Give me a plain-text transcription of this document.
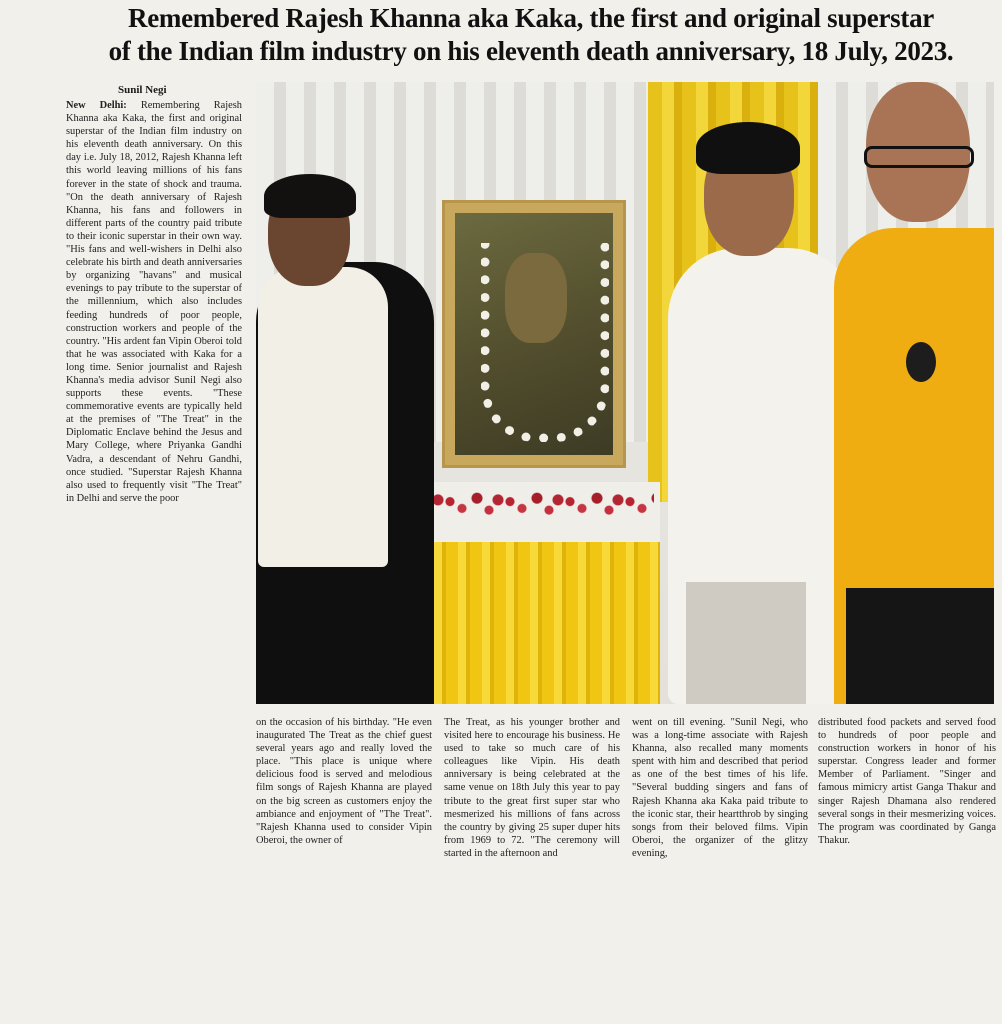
Remembered Rajesh Khanna aka Kaka, the first and original superstar
of the Indian film industry on his eleventh death anniversary, 18 July, 2023.
Sunil Negi
New Delhi: Remembering Rajesh Khanna aka Kaka, the first and original superstar of the Indian film industry on his eleventh death anniversary. On this day i.e. July 18, 2012, Rajesh Khanna left this world leaving millions of his fans forever in the state of shock and trauma. "On the death anniversary of Rajesh Khanna, his fans and followers in different parts of the country paid tribute to their iconic superstar in their own way. "His fans and well-wishers in Delhi also celebrate his birth and death anniversaries by organizing "havans" and musical evenings to pay tribute to the superstar of the millennium, which also includes feeding hundreds of poor people, construction workers and people of the country. "His ardent fan Vipin Oberoi told that he was associated with Kaka for a long time. Senior journalist and Rajesh Khanna's media advisor Sunil Negi also supports these events. "These commemorative events are typically held at the premises of "The Treat" in the Diplomatic Enclave behind the Jesus and Mary College, where Priyanka Gandhi Vadra, a descendant of Nehru Gandhi, once studied. "Superstar Rajesh Khanna also used to frequently visit "The Treat" in Delhi and serve the poor
on the occasion of his birthday. "He even inaugurated The Treat as the chief guest several years ago and really loved the place. "This place is unique where delicious food is served and melodious film songs of Rajesh Khanna are played on the big screen as customers enjoy the ambiance and enjoyment of "The Treat". "Rajesh Khanna used to consider Vipin Oberoi, the owner of
The Treat, as his younger brother and visited here to encourage his business. He used to take so much care of his colleagues like Vipin. His death anniversary is being celebrated at the same venue on 18th July this year to pay tribute to the great first super star who mesmerized his millions of fans across the country by giving 25 super duper hits from 1969 to 72. "The ceremony will started in the afternoon and
went on till evening. "Sunil Negi, who was a long-time associate with Rajesh Khanna, also recalled many moments spent with him and described that period as one of the best times of his life. "Several budding singers and fans of Rajesh Khanna aka Kaka paid tribute to the iconic star, their heartthrob by singing songs from their beloved films. Vipin Oberoi, the organizer of the glitzy evening,
distributed food packets and served food to hundreds of poor people and construction workers in honor of his superstar. Congress leader and former Member of Parliament. "Singer and famous mimicry artist Ganga Thakur and singer Rajesh Dhamana also rendered several songs in their mesmerizing voices. The program was coordinated by Ganga Thakur.
